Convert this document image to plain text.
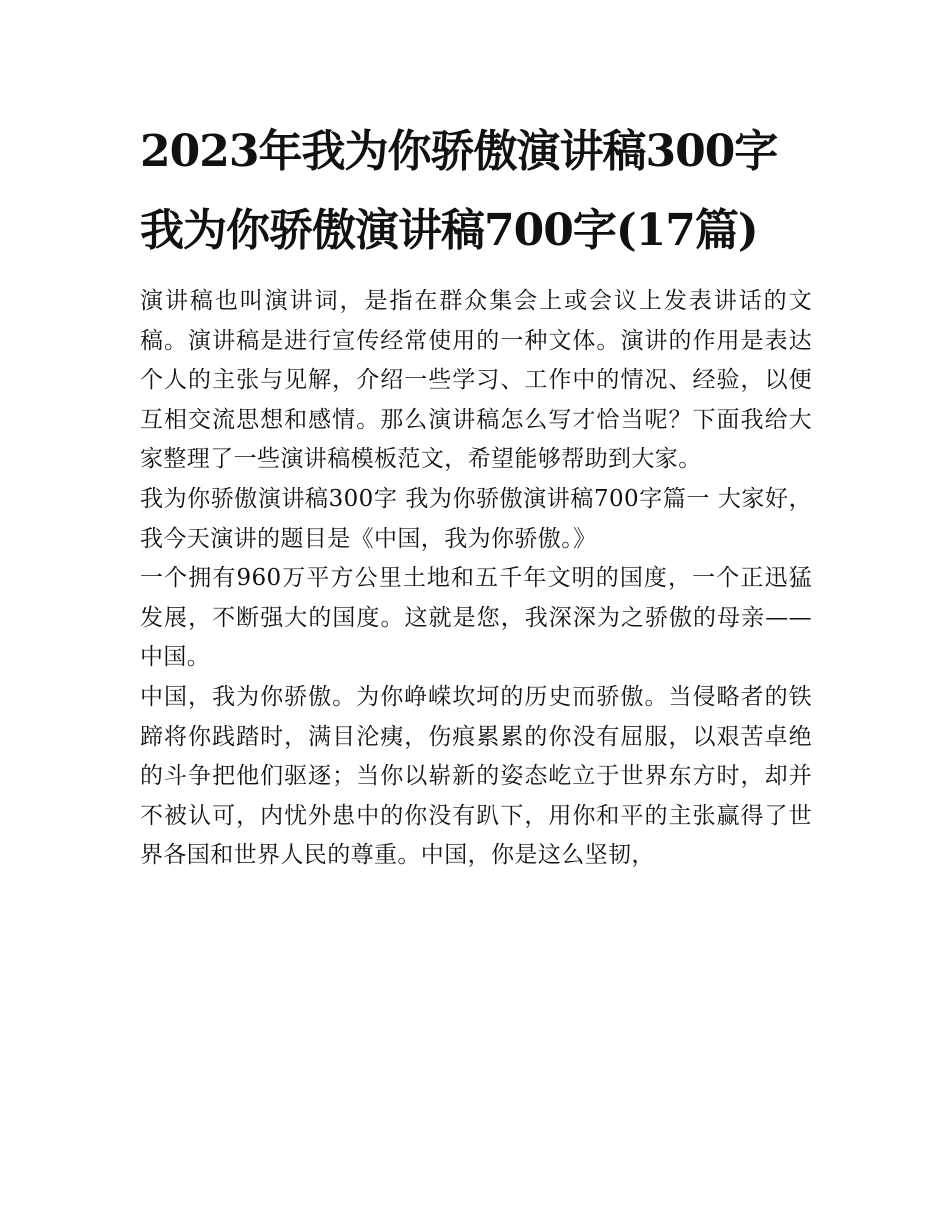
2023年我为你骄傲演讲稿300字 我为你骄傲演讲稿700字(17篇)

演讲稿也叫演讲词，是指在群众集会上或会议上发表讲话的文稿。演讲稿是进行宣传经常使用的一种文体。演讲的作用是表达个人的主张与见解，介绍一些学习、工作中的情况、经验，以便互相交流思想和感情。那么演讲稿怎么写才恰当呢？下面我给大家整理了一些演讲稿模板范文，希望能够帮助到大家。

我为你骄傲演讲稿300字 我为你骄傲演讲稿700字篇一 大家好，我今天演讲的题目是《中国，我为你骄傲。》

一个拥有960万平方公里土地和五千年文明的国度，一个正迅猛发展，不断强大的国度。这就是您，我深深为之骄傲的母亲——中国。

中国，我为你骄傲。为你峥嵘坎坷的历史而骄傲。当侵略者的铁蹄将你践踏时，满目沦痍，伤痕累累的你没有屈服，以艰苦卓绝的斗争把他们驱逐；当你以崭新的姿态屹立于世界东方时，却并不被认可，内忧外患中的你没有趴下，用你和平的主张赢得了世界各国和世界人民的尊重。中国，你是这么坚韧，
